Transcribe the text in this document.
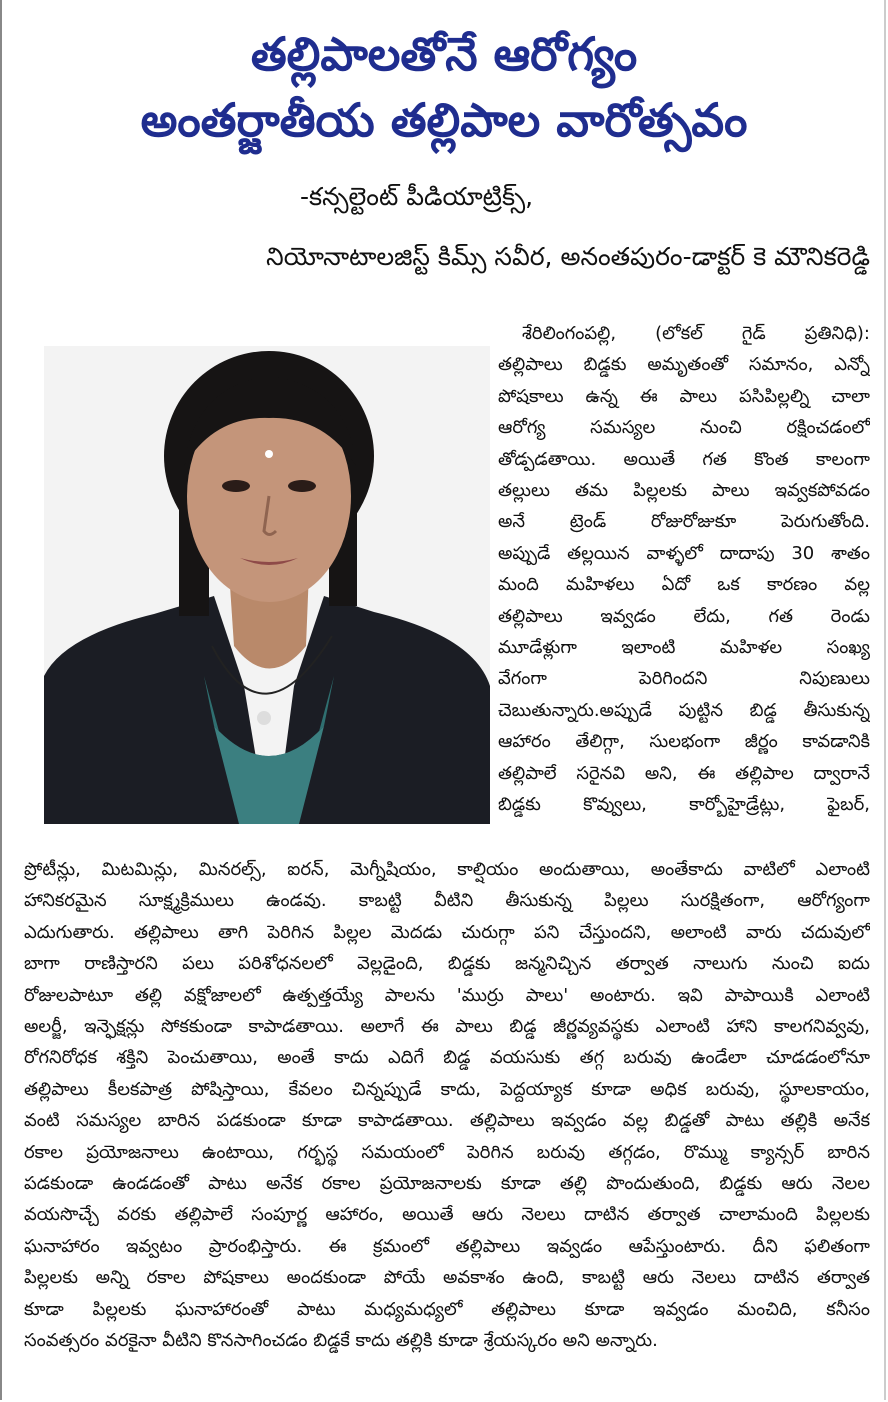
తల్లిపాలతోనే ఆరోగ్యం
అంతర్జాతీయ తల్లిపాల వారోత్సవం
-కన్సల్టెంట్ పీడియాట్రిక్స్,
నియోనాటాలజిస్ట్ కిమ్స్ సవీర, అనంతపురం-డాక్టర్ కె మౌనికరెడ్డి
శేరిలింగంపల్లి, (లోకల్ గైడ్ ప్రతినిధి):
తల్లిపాలు బిడ్డకు అమృతంతో సమానం, ఎన్నో
పోషకాలు ఉన్న ఈ పాలు పసిపిల్లల్ని చాలా
ఆరోగ్య సమస్యల నుంచి రక్షించడంలో
తోడ్పడతాయి. అయితే గత కొంత కాలంగా
తల్లులు తమ పిల్లలకు పాలు ఇవ్వకపోవడం
అనే ట్రెండ్ రోజురోజుకూ పెరుగుతోంది.
అప్పుడే తల్లయిన వాళ్ళలో దాదాపు 30 శాతం
మంది మహిళలు ఏదో ఒక కారణం వల్ల
తల్లిపాలు ఇవ్వడం లేదు, గత రెండు
మూడేళ్లుగా ఇలాంటి మహిళల సంఖ్య
వేగంగా పెరిగిందని నిపుణులు
చెబుతున్నారు.అప్పుడే పుట్టిన బిడ్డ తీసుకున్న
ఆహారం తేలిగ్గా, సులభంగా జీర్ణం కావడానికి
తల్లిపాలే సరైనవి అని, ఈ తల్లిపాల ద్వారానే
బిడ్డకు కొవ్వులు, కార్బోహైడ్రేట్లు, ఫైబర్,
ప్రోటీన్లు, మిటమిన్లు, మినరల్స్, ఐరన్, మెగ్నీషియం, కాల్షియం అందుతాయి, అంతేకాదు వాటిలో ఎలాంటి
హానికరమైన సూక్ష్మక్రిములు ఉండవు. కాబట్టి వీటిని తీసుకున్న పిల్లలు సురక్షితంగా, ఆరోగ్యంగా
ఎదుగుతారు. తల్లిపాలు తాగి పెరిగిన పిల్లల మెదడు చురుగ్గా పని చేస్తుందని, అలాంటి వారు చదువులో
బాగా రాణిస్తారని పలు పరిశోధనలలో వెల్లడైంది, బిడ్డకు జన్మనిచ్చిన తర్వాత నాలుగు నుంచి ఐదు
రోజులపాటూ తల్లి వక్షోజాలలో ఉత్పత్తయ్యే పాలను 'ముర్రు పాలు' అంటారు. ఇవి పాపాయికి ఎలాంటి
అలర్జీ, ఇన్ఫెక్షన్లు సోకకుండా కాపాడతాయి. అలాగే ఈ పాలు బిడ్డ జీర్ణవ్యవస్థకు ఎలాంటి హాని కాలగనివ్వవు,
రోగనిరోధక శక్తిని పెంచుతాయి, అంతే కాదు ఎదిగే బిడ్డ వయసుకు తగ్గ బరువు ఉండేలా చూడడంలోనూ
తల్లిపాలు కీలకపాత్ర పోషిస్తాయి, కేవలం చిన్నప్పుడే కాదు, పెద్దయ్యాక కూడా అధిక బరువు, స్థూలకాయం,
వంటి సమస్యల బారిన పడకుండా కూడా కాపాడతాయి. తల్లిపాలు ఇవ్వడం వల్ల బిడ్డతో పాటు తల్లికి అనేక
రకాల ప్రయోజనాలు ఉంటాయి, గర్భస్థ సమయంలో పెరిగిన బరువు తగ్గడం, రొమ్ము క్యాన్సర్ బారిన
పడకుండా ఉండడంతో పాటు అనేక రకాల ప్రయోజనాలకు కూడా తల్లి పొందుతుంది, బిడ్డకు ఆరు నెలల
వయసొచ్చే వరకు తల్లిపాలే సంపూర్ణ ఆహారం, అయితే ఆరు నెలలు దాటిన తర్వాత చాలామంది పిల్లలకు
ఘనాహారం ఇవ్వటం ప్రారంభిస్తారు. ఈ క్రమంలో తల్లిపాలు ఇవ్వడం ఆపేస్తుంటారు. దీని ఫలితంగా
పిల్లలకు అన్ని రకాల పోషకాలు అందకుండా పోయే అవకాశం ఉంది, కాబట్టి ఆరు నెలలు దాటిన తర్వాత
కూడా పిల్లలకు ఘనాహారంతో పాటు మధ్యమధ్యలో తల్లిపాలు కూడా ఇవ్వడం మంచిది, కనీసం
సంవత్సరం వరకైనా వీటిని కొనసాగించడం బిడ్డకే కాదు తల్లికి కూడా శ్రేయస్కరం అని అన్నారు.
